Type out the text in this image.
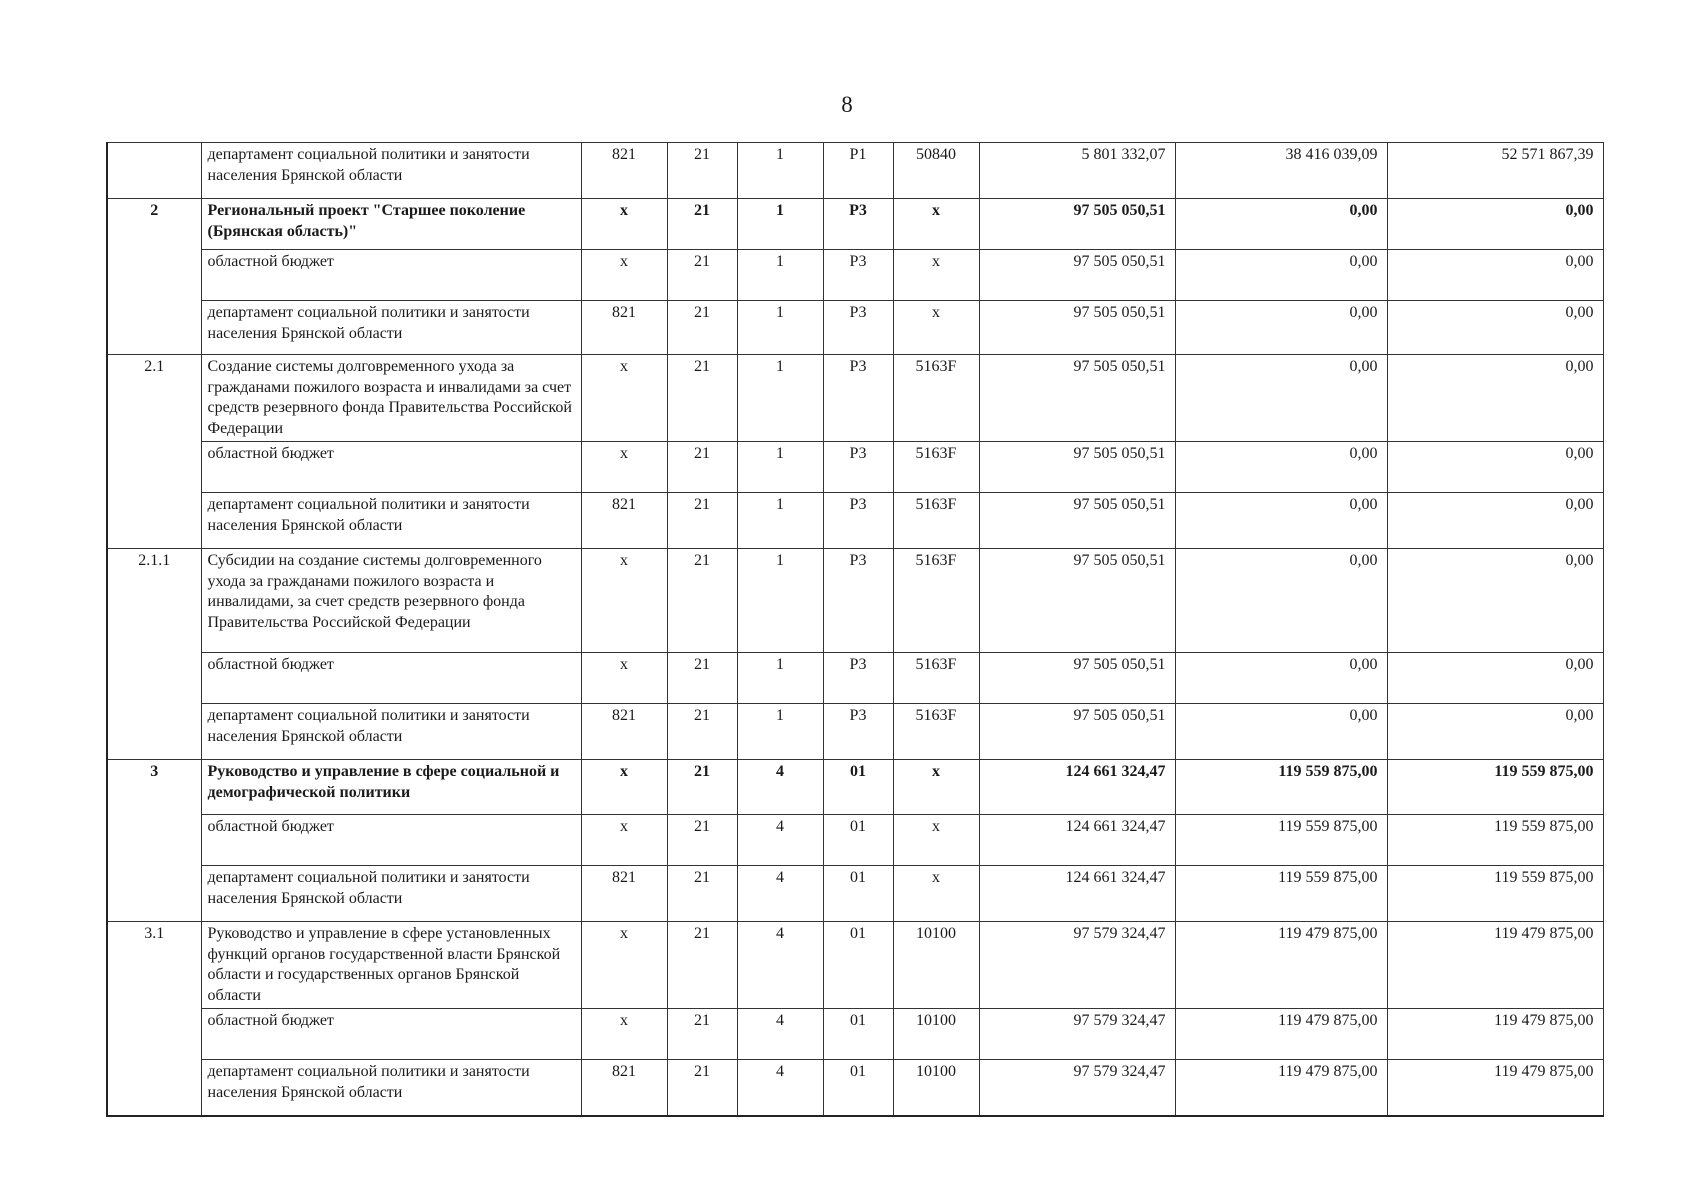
8
	департамент социальной политики и занятости населения Брянской области	821	21	1	P1	50840	5 801 332,07	38 416 039,09	52 571 867,39
2	Региональный проект "Старшее поколение (Брянская область)"	х	21	1	P3	х	97 505 050,51	0,00	0,00
	областной бюджет	х	21	1	P3	х	97 505 050,51	0,00	0,00
	департамент социальной политики и занятости населения Брянской области	821	21	1	P3	х	97 505 050,51	0,00	0,00
2.1	Создание системы долговременного ухода за гражданами пожилого возраста и инвалидами за счет средств резервного фонда Правительства Российской Федерации	х	21	1	P3	5163F	97 505 050,51	0,00	0,00
	областной бюджет	х	21	1	P3	5163F	97 505 050,51	0,00	0,00
	департамент социальной политики и занятости населения Брянской области	821	21	1	P3	5163F	97 505 050,51	0,00	0,00
2.1.1	Субсидии на создание системы долговременного ухода за гражданами пожилого возраста и инвалидами, за счет средств резервного фонда Правительства Российской Федерации	х	21	1	P3	5163F	97 505 050,51	0,00	0,00
	областной бюджет	х	21	1	P3	5163F	97 505 050,51	0,00	0,00
	департамент социальной политики и занятости населения Брянской области	821	21	1	P3	5163F	97 505 050,51	0,00	0,00
3	Руководство и управление в сфере социальной и демографической политики	х	21	4	01	х	124 661 324,47	119 559 875,00	119 559 875,00
	областной бюджет	х	21	4	01	х	124 661 324,47	119 559 875,00	119 559 875,00
	департамент социальной политики и занятости населения Брянской области	821	21	4	01	х	124 661 324,47	119 559 875,00	119 559 875,00
3.1	Руководство и управление в сфере установленных функций органов государственной власти Брянской области и государственных органов Брянской области	х	21	4	01	10100	97 579 324,47	119 479 875,00	119 479 875,00
	областной бюджет	х	21	4	01	10100	97 579 324,47	119 479 875,00	119 479 875,00
	департамент социальной политики и занятости населения Брянской области	821	21	4	01	10100	97 579 324,47	119 479 875,00	119 479 875,00
